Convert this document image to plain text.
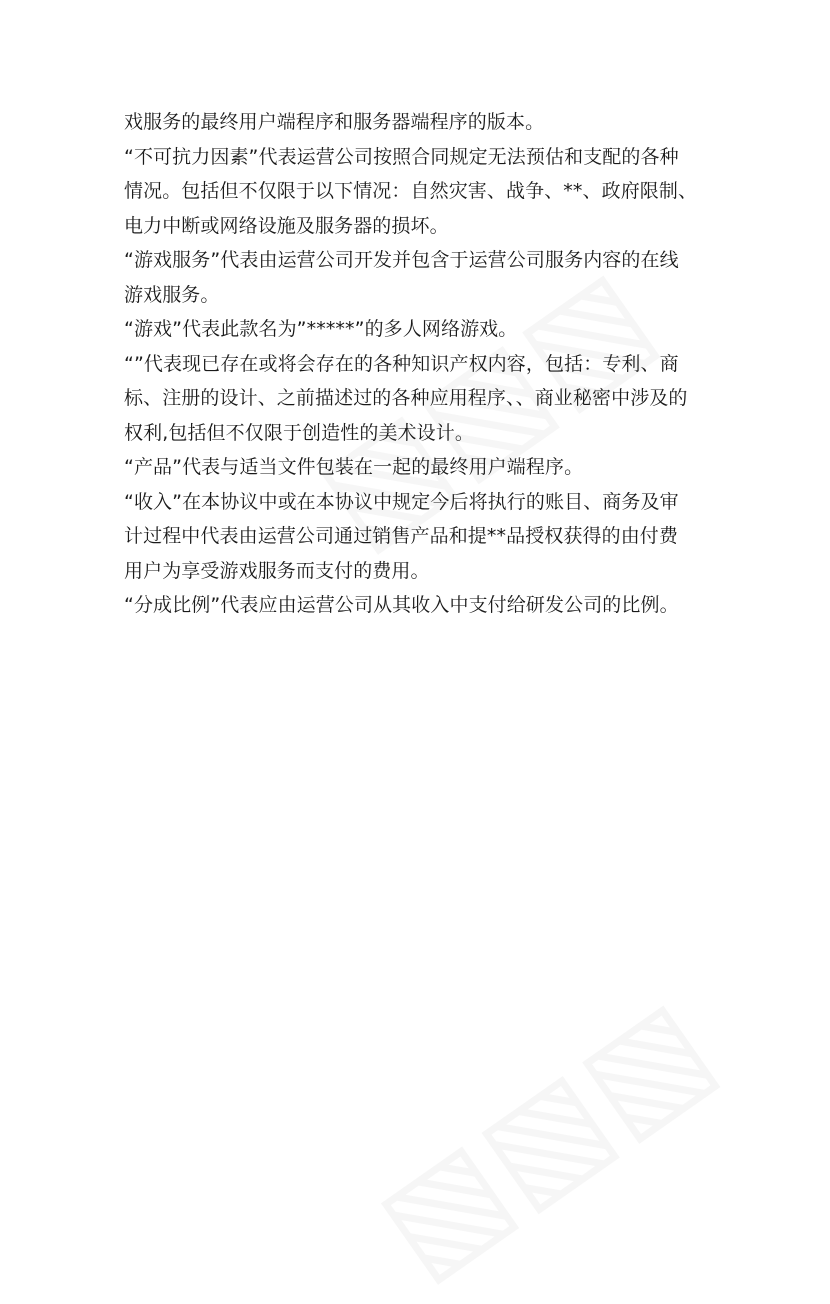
戏服务的最终用户端程序和服务器端程序的版本。
“不可抗力因素”代表运营公司按照合同规定无法预估和支配的各种
情况。包括但不仅限于以下情况：自然灾害、战争、**、政府限制、
电力中断或网络设施及服务器的损坏。
“游戏服务”代表由运营公司开发并包含于运营公司服务内容的在线
游戏服务。
“游戏”代表此款名为”*****”的多人网络游戏。
“”代表现已存在或将会存在的各种知识产权内容，包括：专利、商
标、注册的设计、之前描述过的各种应用程序、、商业秘密中涉及的
权利,包括但不仅限于创造性的美术设计。
“产品”代表与适当文件包装在一起的最终用户端程序。
“收入”在本协议中或在本协议中规定今后将执行的账目、商务及审
计过程中代表由运营公司通过销售产品和提**品授权获得的由付费
用户为享受游戏服务而支付的费用。
“分成比例”代表应由运营公司从其收入中支付给研发公司的比例。
